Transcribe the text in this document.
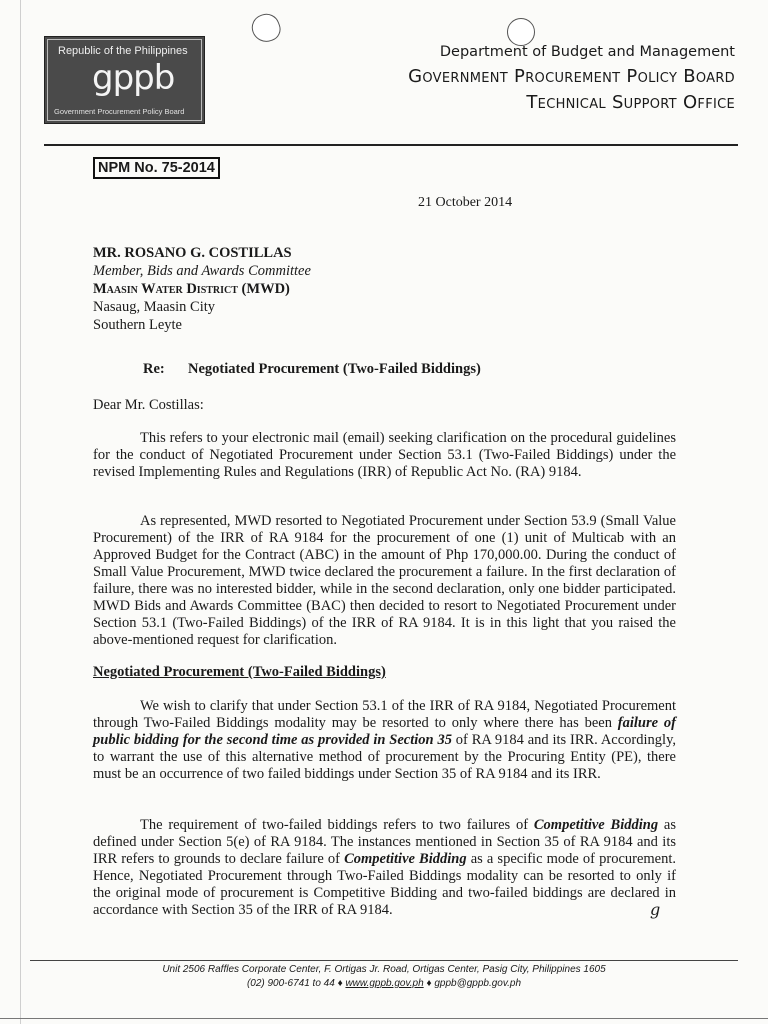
Republic of the Philippines
gppb
Government Procurement Policy Board
Department of Budget and Management
Government Procurement Policy Board
Technical Support Office
NPM No. 75-2014
21 October 2014
MR. ROSANO G. COSTILLAS
Member, Bids and Awards Committee
Maasin Water District (MWD)
Nasaug, Maasin City
Southern Leyte
Re: Negotiated Procurement (Two-Failed Biddings)
Dear Mr. Costillas:

This refers to your electronic mail (email) seeking clarification on the procedural guidelines for the conduct of Negotiated Procurement under Section 53.1 (Two-Failed Biddings) under the revised Implementing Rules and Regulations (IRR) of Republic Act No. (RA) 9184.

As represented, MWD resorted to Negotiated Procurement under Section 53.9 (Small Value Procurement) of the IRR of RA 9184 for the procurement of one (1) unit of Multicab with an Approved Budget for the Contract (ABC) in the amount of Php 170,000.00. During the conduct of Small Value Procurement, MWD twice declared the procurement a failure. In the first declaration of failure, there was no interested bidder, while in the second declaration, only one bidder participated. MWD Bids and Awards Committee (BAC) then decided to resort to Negotiated Procurement under Section 53.1 (Two-Failed Biddings) of the IRR of RA 9184. It is in this light that you raised the above-mentioned request for clarification.

Negotiated Procurement (Two-Failed Biddings)

We wish to clarify that under Section 53.1 of the IRR of RA 9184, Negotiated Procurement through Two-Failed Biddings modality may be resorted to only where there has been failure of public bidding for the second time as provided in Section 35 of RA 9184 and its IRR. Accordingly, to warrant the use of this alternative method of procurement by the Procuring Entity (PE), there must be an occurrence of two failed biddings under Section 35 of RA 9184 and its IRR.

The requirement of two-failed biddings refers to two failures of Competitive Bidding as defined under Section 5(e) of RA 9184. The instances mentioned in Section 35 of RA 9184 and its IRR refers to grounds to declare failure of Competitive Bidding as a specific mode of procurement. Hence, Negotiated Procurement through Two-Failed Biddings modality can be resorted to only if the original mode of procurement is Competitive Bidding and two-failed biddings are declared in accordance with Section 35 of the IRR of RA 9184.	g
Unit 2506 Raffles Corporate Center, F. Ortigas Jr. Road, Ortigas Center, Pasig City, Philippines 1605
(02) 900-6741 to 44 ♦ www.gppb.gov.ph ♦ gppb@gppb.gov.ph
